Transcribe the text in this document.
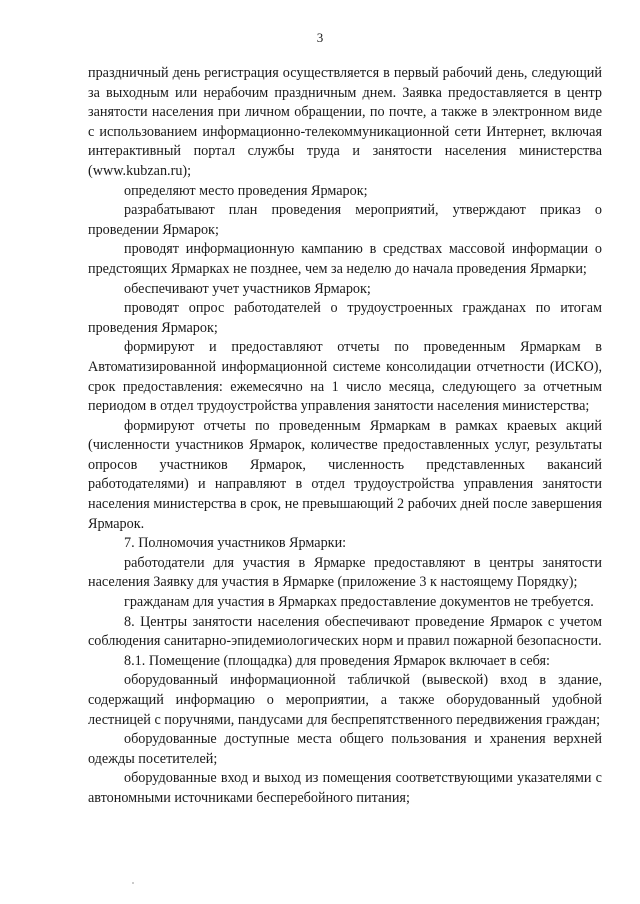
3

праздничный день регистрация осуществляется в первый рабочий день, следующий за выходным или нерабочим праздничным днем. Заявка предоставляется в центр занятости населения при личном обращении, по почте, а также в электронном виде с использованием информационно-телекоммуникационной сети Интернет, включая интерактивный портал службы труда и занятости населения министерства (www.kubzan.ru);

определяют место проведения Ярмарок;

разрабатывают план проведения мероприятий, утверждают приказ о проведении Ярмарок;

проводят информационную кампанию в средствах массовой информации о предстоящих Ярмарках не позднее, чем за неделю до начала проведения Ярмарки;

обеспечивают учет участников Ярмарок;

проводят опрос работодателей о трудоустроенных гражданах по итогам проведения Ярмарок;

формируют и предоставляют отчеты по проведенным Ярмаркам в Автоматизированной информационной системе консолидации отчетности (ИСКО), срок предоставления: ежемесячно на 1 число месяца, следующего за отчетным периодом в отдел трудоустройства управления занятости населения министерства;

формируют отчеты по проведенным Ярмаркам в рамках краевых акций (численности участников Ярмарок, количестве предоставленных услуг, результаты опросов участников Ярмарок, численность представленных вакансий работодателями) и направляют в отдел трудоустройства управления занятости населения министерства в срок, не превышающий 2 рабочих дней после завершения Ярмарок.

7. Полномочия участников Ярмарки:

работодатели для участия в Ярмарке предоставляют в центры занятости населения Заявку для участия в Ярмарке (приложение 3 к настоящему Порядку);

гражданам для участия в Ярмарках предоставление документов не требуется.

8. Центры занятости населения обеспечивают проведение Ярмарок с учетом соблюдения санитарно-эпидемиологических норм и правил пожарной безопасности.

8.1. Помещение (площадка) для проведения Ярмарок включает в себя:

оборудованный информационной табличкой (вывеской) вход в здание, содержащий информацию о мероприятии, а также оборудованный удобной лестницей с поручнями, пандусами для беспрепятственного передвижения граждан;

оборудованные доступные места общего пользования и хранения верхней одежды посетителей;

оборудованные вход и выход из помещения соответствующими указателями с автономными источниками бесперебойного питания;
